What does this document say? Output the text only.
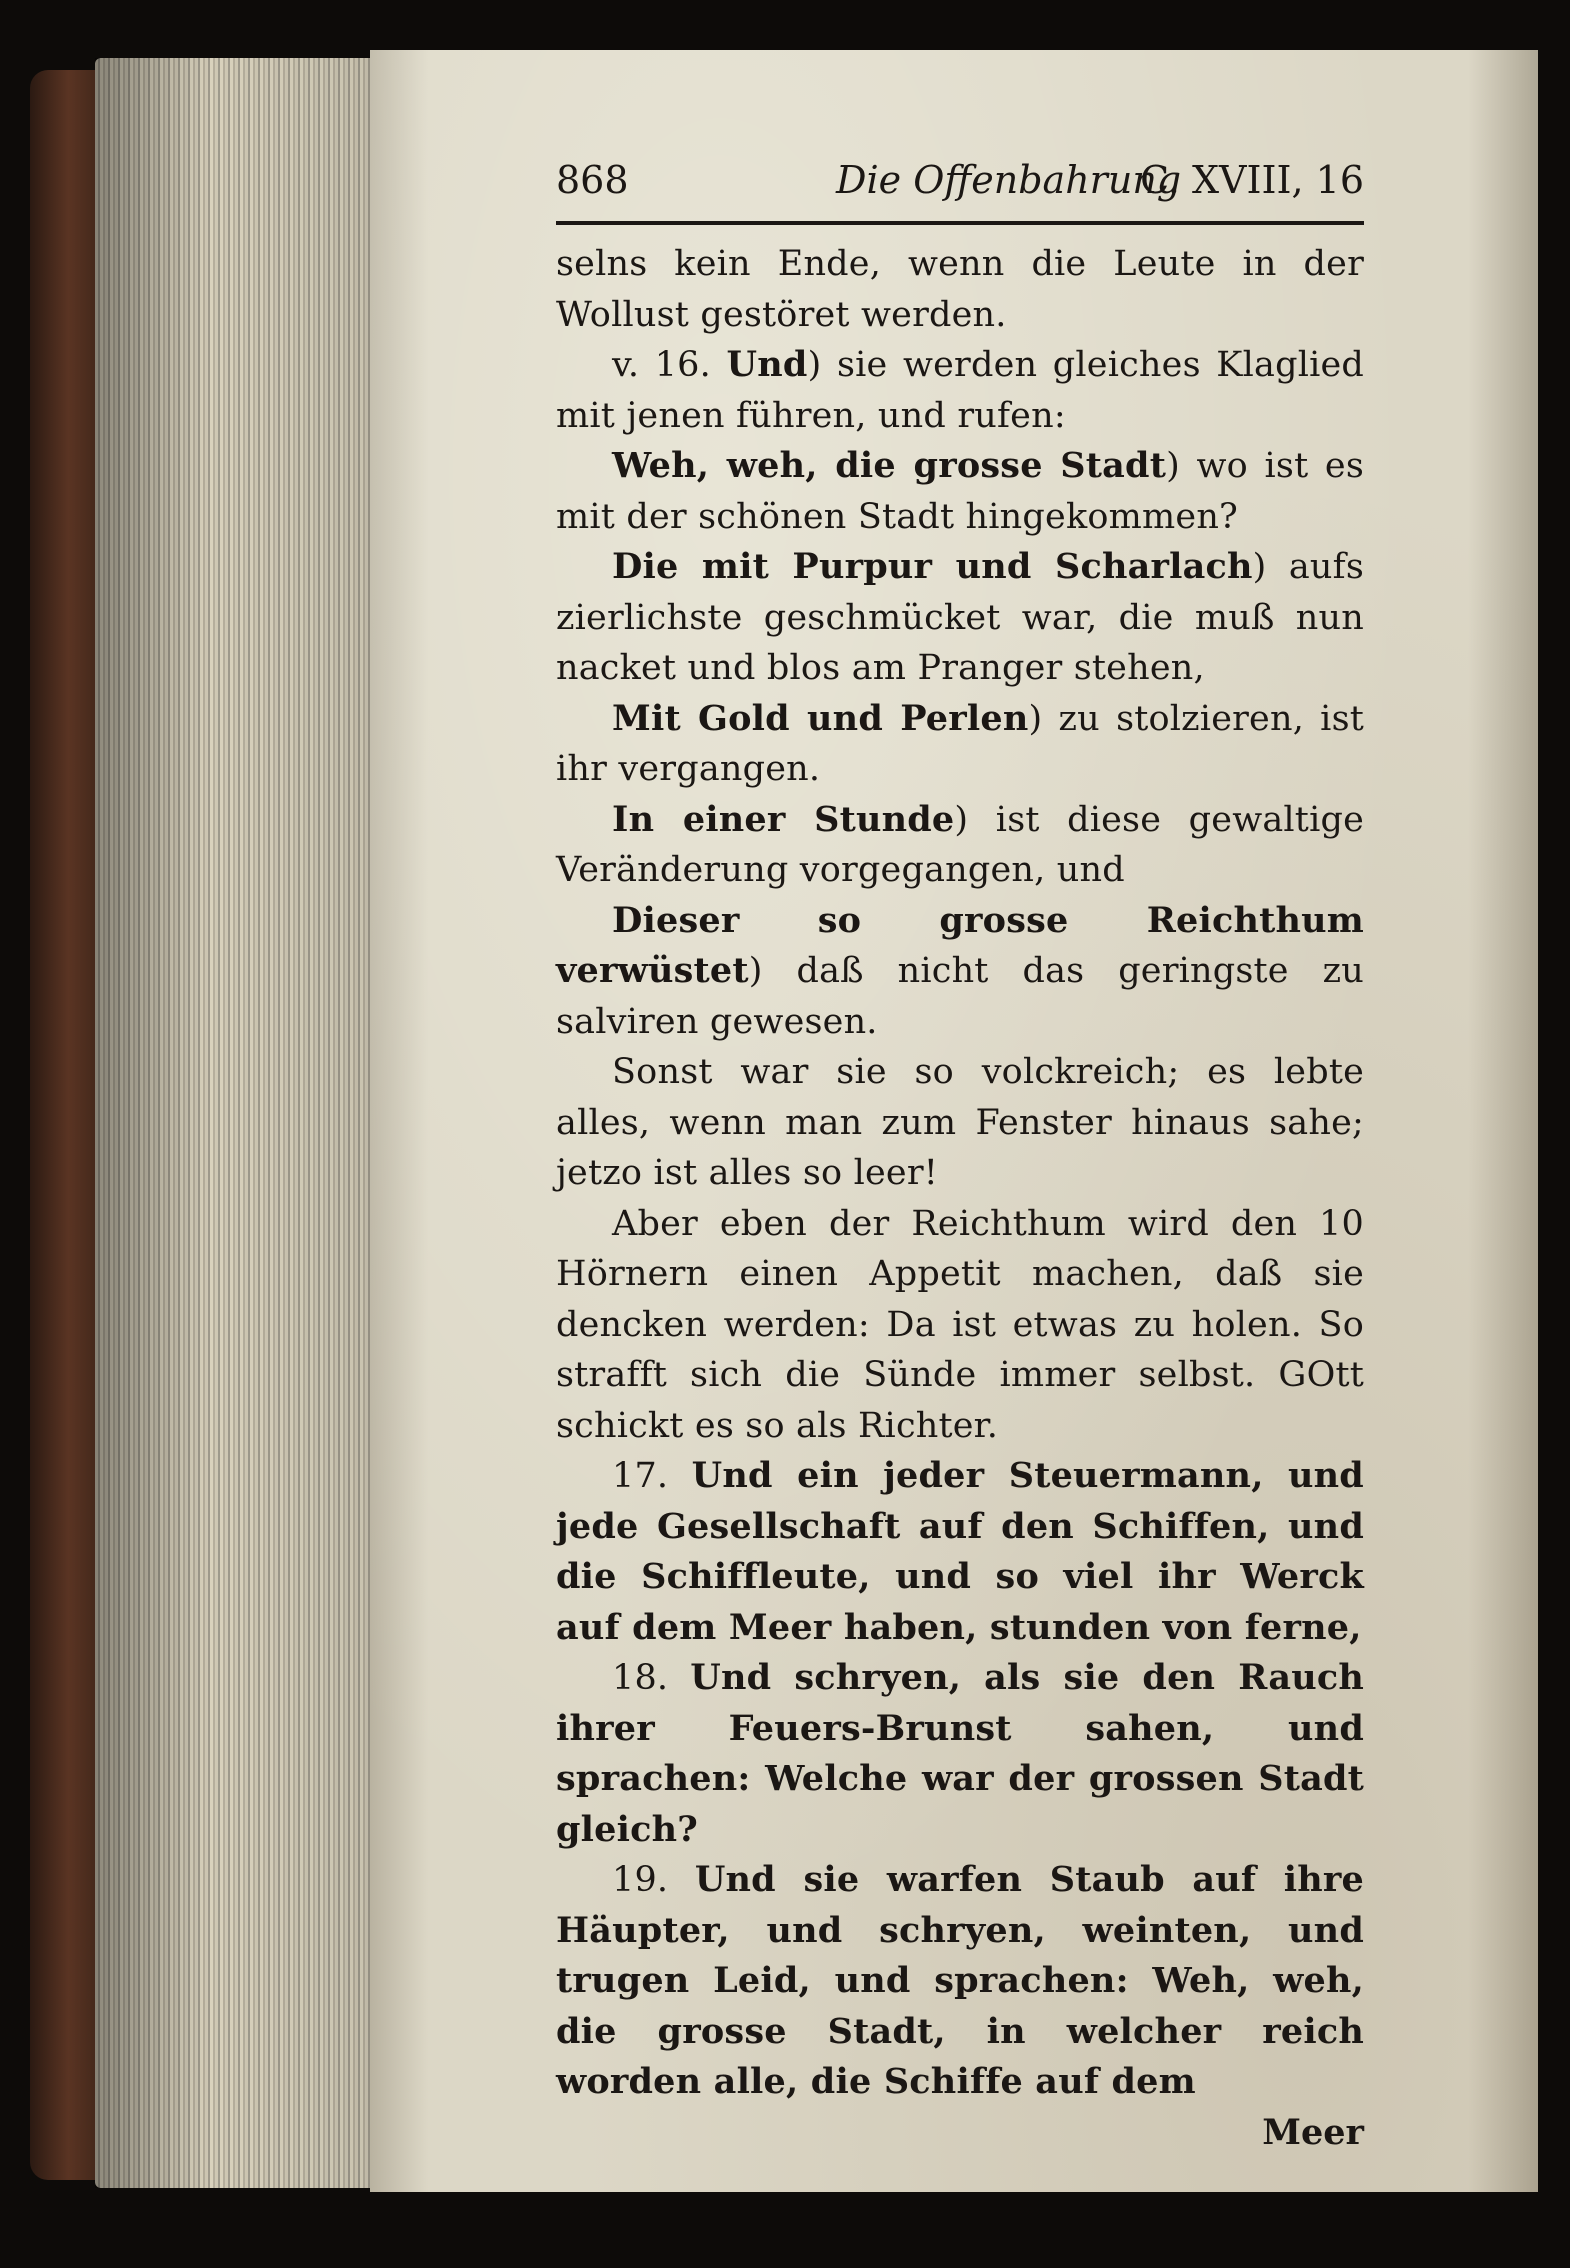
868	Die Offenbahrung
C. XVIII, 16

selns kein Ende, wenn die Leute in der Wollust gestöret werden.

v. 16. Und) sie werden gleiches Klaglied mit jenen führen, und rufen:

Weh, weh, die grosse Stadt) wo ist es mit der schönen Stadt hingekommen?

Die mit Purpur und Scharlach) aufs zierlichste geschmücket war, die muß nun nacket und blos am Pranger stehen,

Mit Gold und Perlen) zu stolzieren, ist ihr vergangen.

In einer Stunde) ist diese gewaltige Veränderung vorgegangen, und

Dieser so grosse Reichthum verwüstet) daß nicht das geringste zu salviren gewesen.

Sonst war sie so volckreich; es lebte alles, wenn man zum Fenster hinaus sahe; jetzo ist alles so leer!

Aber eben der Reichthum wird den 10 Hörnern einen Appetit machen, daß sie dencken werden: Da ist etwas zu holen. So strafft sich die Sünde immer selbst. GOtt schickt es so als Richter.

17. Und ein jeder Steuermann, und jede Gesellschaft auf den Schiffen, und die Schiffleute, und so viel ihr Werck auf dem Meer haben, stunden von ferne,

18. Und schryen, als sie den Rauch ihrer Feuers-Brunst sahen, und sprachen: Welche war der grossen Stadt gleich?

19. Und sie warfen Staub auf ihre Häupter, und schryen, weinten, und trugen Leid, und sprachen: Weh, weh, die grosse Stadt, in welcher reich worden alle, die Schiffe auf dem

Meer
